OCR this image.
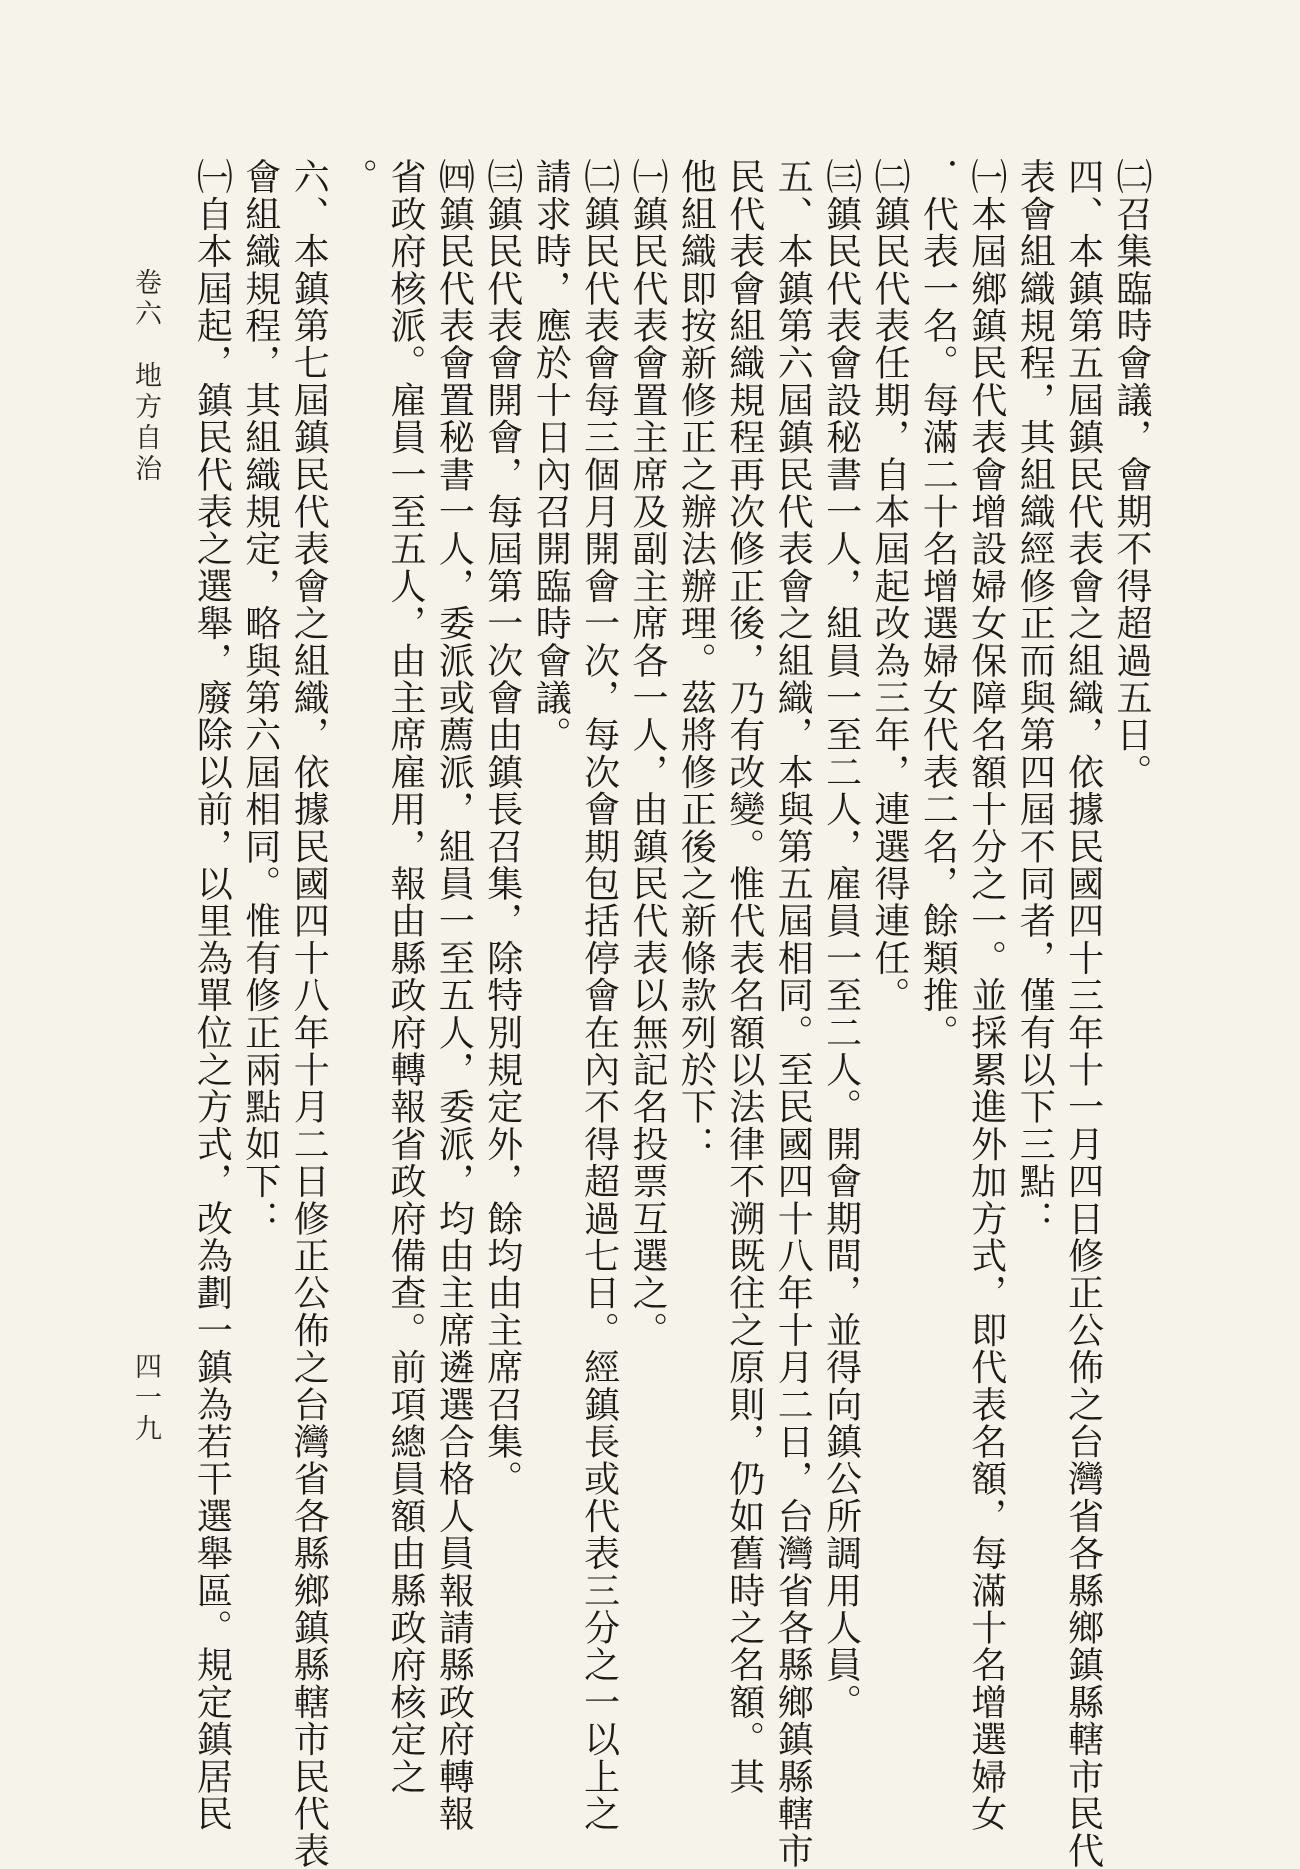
㈡召集臨時會議，會期不得超過五日。
四、本鎮第五屆鎮民代表會之組織，依據民國四十三年十一月四日修正公佈之台灣省各縣鄉鎮縣轄市民代
表會組織規程，其組織經修正而與第四屆不同者，僅有以下三點：
㈠本屆鄉鎮民代表會增設婦女保障名額十分之一。並採累進外加方式，即代表名額，每滿十名增選婦女
．代表一名。每滿二十名增選婦女代表二名，餘類推。
㈡鎮民代表任期，自本屆起改為三年，連選得連任。
㈢鎮民代表會設秘書一人，組員一至二人，雇員一至二人。開會期間，並得向鎮公所調用人員。
五、本鎮第六屆鎮民代表會之組織，本與第五屆相同。至民國四十八年十月二日，台灣省各縣鄉鎮縣轄市
民代表會組織規程再次修正後，乃有改變。惟代表名額以法律不溯既往之原則，仍如舊時之名額。其
他組織即按新修正之辦法辦理。茲將修正後之新條款列於下：
㈠鎮民代表會置主席及副主席各一人，由鎮民代表以無記名投票互選之。
㈡鎮民代表會每三個月開會一次，每次會期包括停會在內不得超過七日。經鎮長或代表三分之一以上之
請求時，應於十日內召開臨時會議。
㈢鎮民代表會開會，每屆第一次會由鎮長召集，除特別規定外，餘均由主席召集。
㈣鎮民代表會置秘書一人，委派或薦派，組員一至五人，委派，均由主席遴選合格人員報請縣政府轉報
省政府核派。雇員一至五人，由主席雇用，報由縣政府轉報省政府備查。前項總員額由縣政府核定之
。
六、本鎮第七屆鎮民代表會之組織，依據民國四十八年十月二日修正公佈之台灣省各縣鄉鎮縣轄市民代表
會組織規程，其組織規定，略與第六屆相同。惟有修正兩點如下：
㈠自本屆起，鎮民代表之選舉，廢除以前，以里為單位之方式，改為劃一鎮為若干選舉區。規定鎮居民
卷六　地方自治
四一九
